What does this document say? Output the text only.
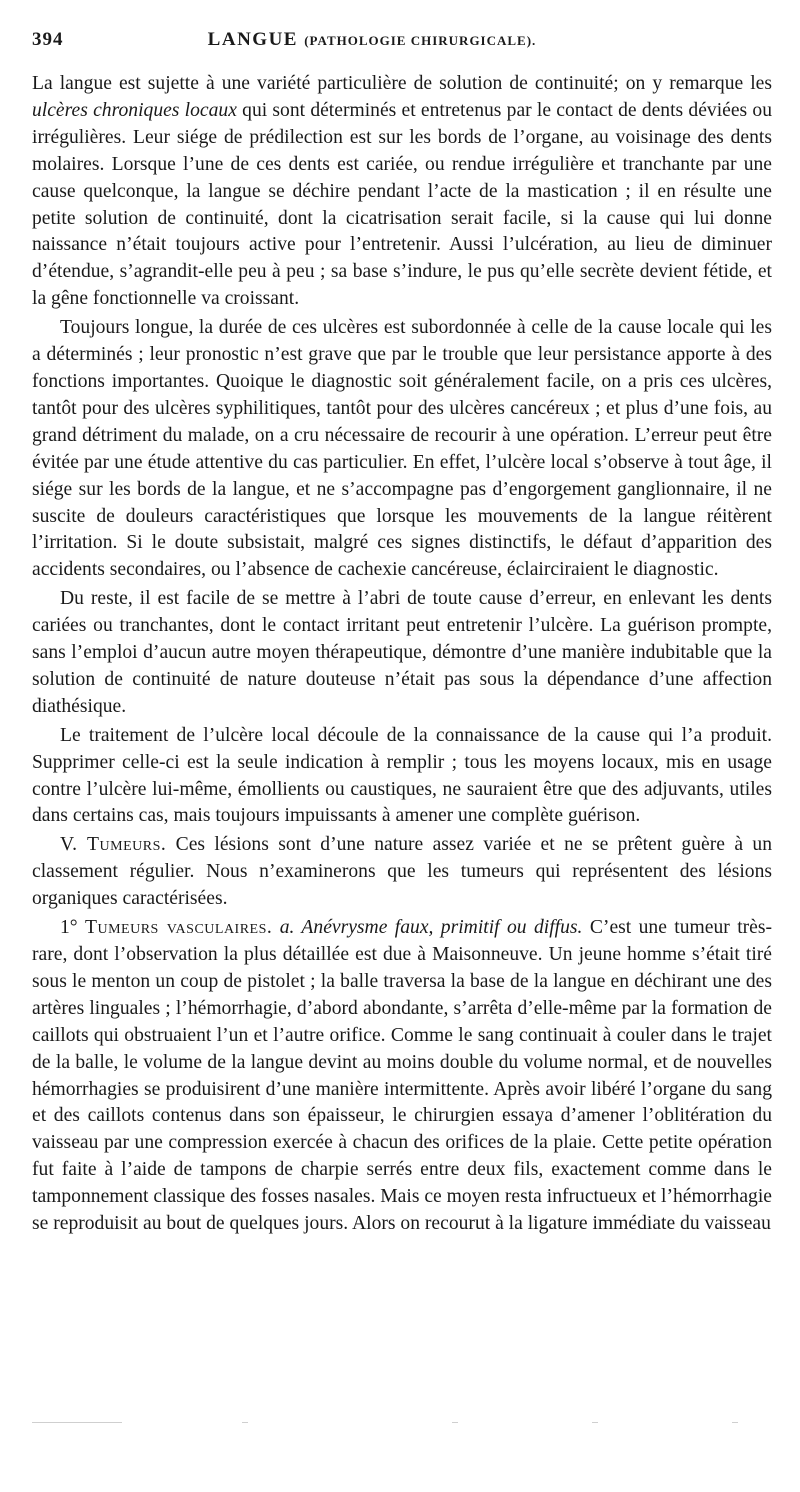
394	LANGUE (PATHOLOGIE CHIRURGICALE).

La langue est sujette à une variété particulière de solution de continuité; on y remarque les ulcères chroniques locaux qui sont déterminés et entretenus par le contact de dents déviées ou irrégulières. Leur siége de prédilection est sur les bords de l’organe, au voisinage des dents molaires. Lorsque l’une de ces dents est cariée, ou rendue irrégulière et tranchante par une cause quelconque, la langue se déchire pendant l’acte de la mastication ; il en résulte une petite solution de continuité, dont la cicatrisation serait facile, si la cause qui lui donne naissance n’était toujours active pour l’entretenir. Aussi l’ulcération, au lieu de diminuer d’étendue, s’agrandit-elle peu à peu ; sa base s’indure, le pus qu’elle secrète devient fétide, et la gêne fonctionnelle va croissant.

Toujours longue, la durée de ces ulcères est subordonnée à celle de la cause locale qui les a déterminés ; leur pronostic n’est grave que par le trouble que leur persistance apporte à des fonctions importantes. Quoique le diagnostic soit généralement facile, on a pris ces ulcères, tantôt pour des ulcères syphilitiques, tantôt pour des ulcères cancéreux ; et plus d’une fois, au grand détriment du malade, on a cru nécessaire de recourir à une opération. L’erreur peut être évitée par une étude attentive du cas particulier. En effet, l’ulcère local s’observe à tout âge, il siége sur les bords de la langue, et ne s’accompagne pas d’engorgement ganglionnaire, il ne suscite de douleurs caractéristiques que lorsque les mouvements de la langue réitèrent l’irritation. Si le doute subsistait, malgré ces signes distinctifs, le défaut d’apparition des accidents secondaires, ou l’absence de cachexie cancéreuse, éclairciraient le diagnostic.

Du reste, il est facile de se mettre à l’abri de toute cause d’erreur, en enlevant les dents cariées ou tranchantes, dont le contact irritant peut entretenir l’ulcère. La guérison prompte, sans l’emploi d’aucun autre moyen thérapeutique, démontre d’une manière indubitable que la solution de continuité de nature douteuse n’était pas sous la dépendance d’une affection diathésique.

Le traitement de l’ulcère local découle de la connaissance de la cause qui l’a produit. Supprimer celle-ci est la seule indication à remplir ; tous les moyens locaux, mis en usage contre l’ulcère lui-même, émollients ou caustiques, ne sauraient être que des adjuvants, utiles dans certains cas, mais toujours impuissants à amener une complète guérison.

V. Tumeurs. Ces lésions sont d’une nature assez variée et ne se prêtent guère à un classement régulier. Nous n’examinerons que les tumeurs qui représentent des lésions organiques caractérisées.

1° Tumeurs vasculaires. a. Anévrysme faux, primitif ou diffus. C’est une tumeur très-rare, dont l’observation la plus détaillée est due à Maisonneuve. Un jeune homme s’était tiré sous le menton un coup de pistolet ; la balle traversa la base de la langue en déchirant une des artères linguales ; l’hémorrhagie, d’abord abondante, s’arrêta d’elle-même par la formation de caillots qui obstruaient l’un et l’autre orifice. Comme le sang continuait à couler dans le trajet de la balle, le volume de la langue devint au moins double du volume normal, et de nouvelles hémorrhagies se produisirent d’une manière intermittente. Après avoir libéré l’organe du sang et des caillots contenus dans son épaisseur, le chirurgien essaya d’amener l’oblitération du vaisseau par une compression exercée à chacun des orifices de la plaie. Cette petite opération fut faite à l’aide de tampons de charpie serrés entre deux fils, exactement comme dans le tamponnement classique des fosses nasales. Mais ce moyen resta infructueux et l’hémorrhagie se reproduisit au bout de quelques jours. Alors on recourut à la ligature immédiate du vaisseau
